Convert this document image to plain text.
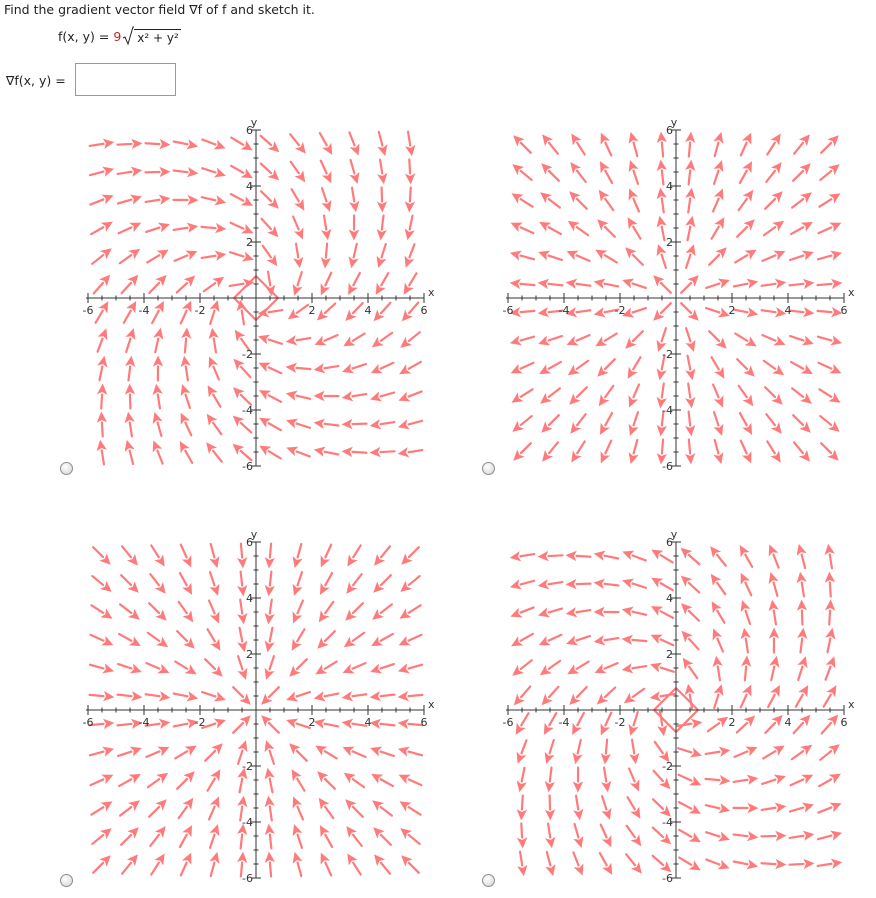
Find the gradient vector field ∇f of f and sketch it.
f(x, y) = 9 x² + y²
∇f(x, y) =
-6	-4	-2	2	4	6
6
4
2
-2
-4
-6
x
y
-6	-4	-2	2	4	6
6
4
2
-2
-4
-6
x
y
-6	-4	-2	2	4	6
6
4
2
-2
-4
-6
x
y
-6	-4	-2	2	4	6
6
4
2
-2
-4
-6
x
y
